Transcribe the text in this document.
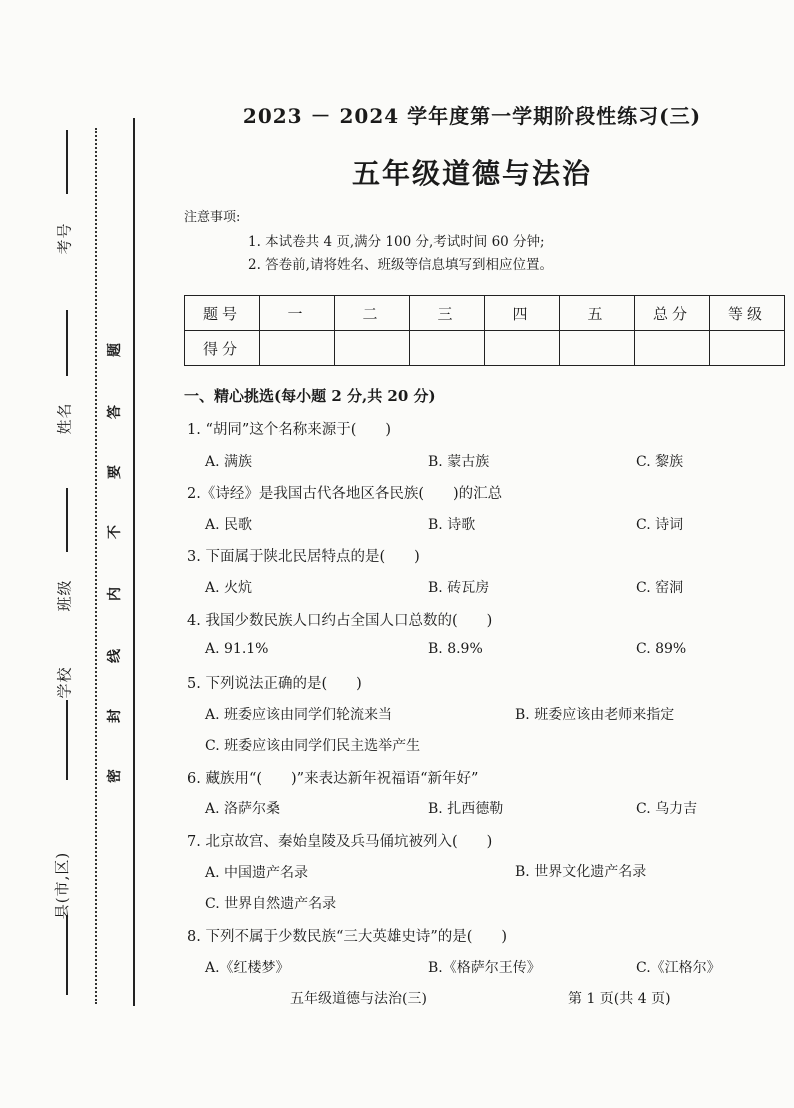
考号
姓名
班级
学校
县(市,区)
题
答
要
不
内
线
封
密
2023 － 2024 学年度第一学期阶段性练习(三)
五年级道德与法治
注意事项:
1. 本试卷共 4 页,满分 100 分,考试时间 60 分钟;
2. 答卷前,请将姓名、班级等信息填写到相应位置。
题号	一	二	三	四	五	总分	等级
得分							
一、精心挑选(每小题 2 分,共 20 分)
1. “胡同”这个名称来源于(　　)
A. 满族	B. 蒙古族	C. 黎族
2.《诗经》是我国古代各地区各民族(　　)的汇总
A. 民歌	B. 诗歌	C. 诗词
3. 下面属于陕北民居特点的是(　　)
A. 火炕	B. 砖瓦房	C. 窑洞
4. 我国少数民族人口约占全国人口总数的(　　)
A. 91.1%	B. 8.9%	C. 89%
5. 下列说法正确的是(　　)
A. 班委应该由同学们轮流来当	B. 班委应该由老师来指定
C. 班委应该由同学们民主选举产生
6. 藏族用“(　　)”来表达新年祝福语“新年好”
A. 洛萨尔桑	B. 扎西德勒	C. 乌力吉
7. 北京故宫、秦始皇陵及兵马俑坑被列入(　　)
A. 中国遗产名录	B. 世界文化遗产名录
C. 世界自然遗产名录
8. 下列不属于少数民族“三大英雄史诗”的是(　　)
A.《红楼梦》	B.《格萨尔王传》	C.《江格尔》
五年级道德与法治(三)	第 1 页(共 4 页)
